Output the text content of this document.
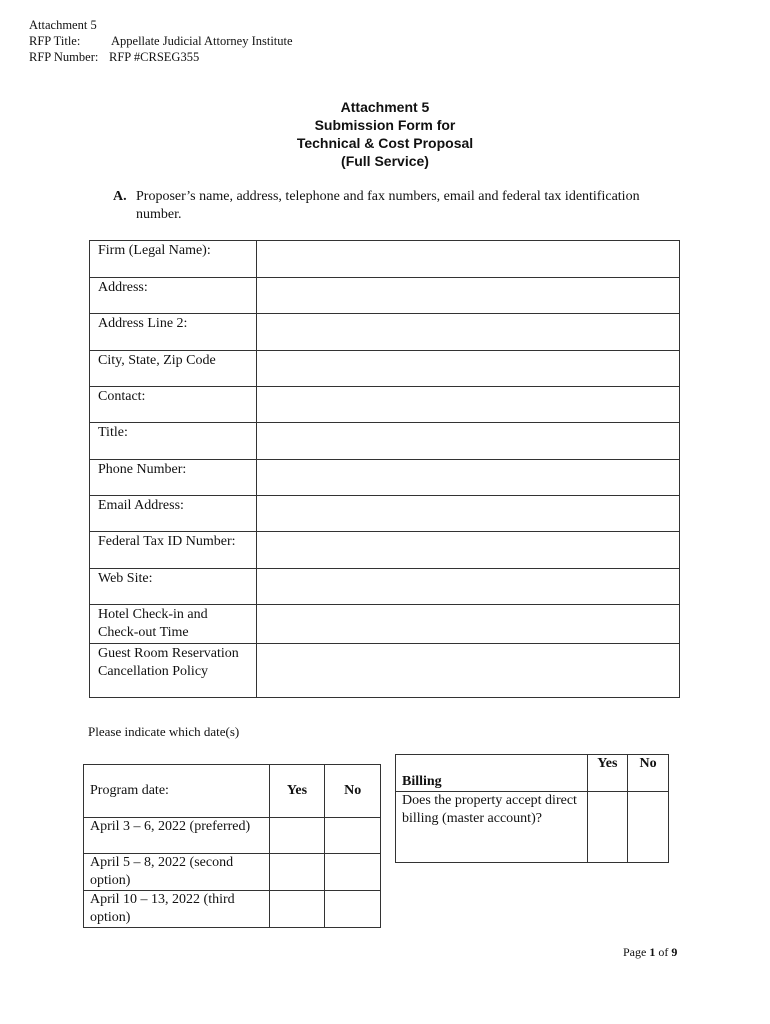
Attachment 5
RFP Title: Appellate Judicial Attorney Institute
RFP Number: RFP #CRSEG355
Attachment 5
Submission Form for
Technical & Cost Proposal
(Full Service)
A. Proposer’s name, address, telephone and fax numbers, email and federal tax identification number.
Firm (Legal Name):	
Address:	
Address Line 2:	
City, State, Zip Code	
Contact:	
Title:	
Phone Number:	
Email Address:	
Federal Tax ID Number:	
Web Site:	
Hotel Check-in and Check-out Time	
Guest Room Reservation Cancellation Policy	
Please indicate which date(s)
Program date:	Yes	No
April 3 – 6, 2022 (preferred)		
April 5 – 8, 2022 (second option)		
April 10 – 13, 2022 (third option)		
Billing	Yes	No
Does the property accept direct billing (master account)?		
Page 1 of 9
